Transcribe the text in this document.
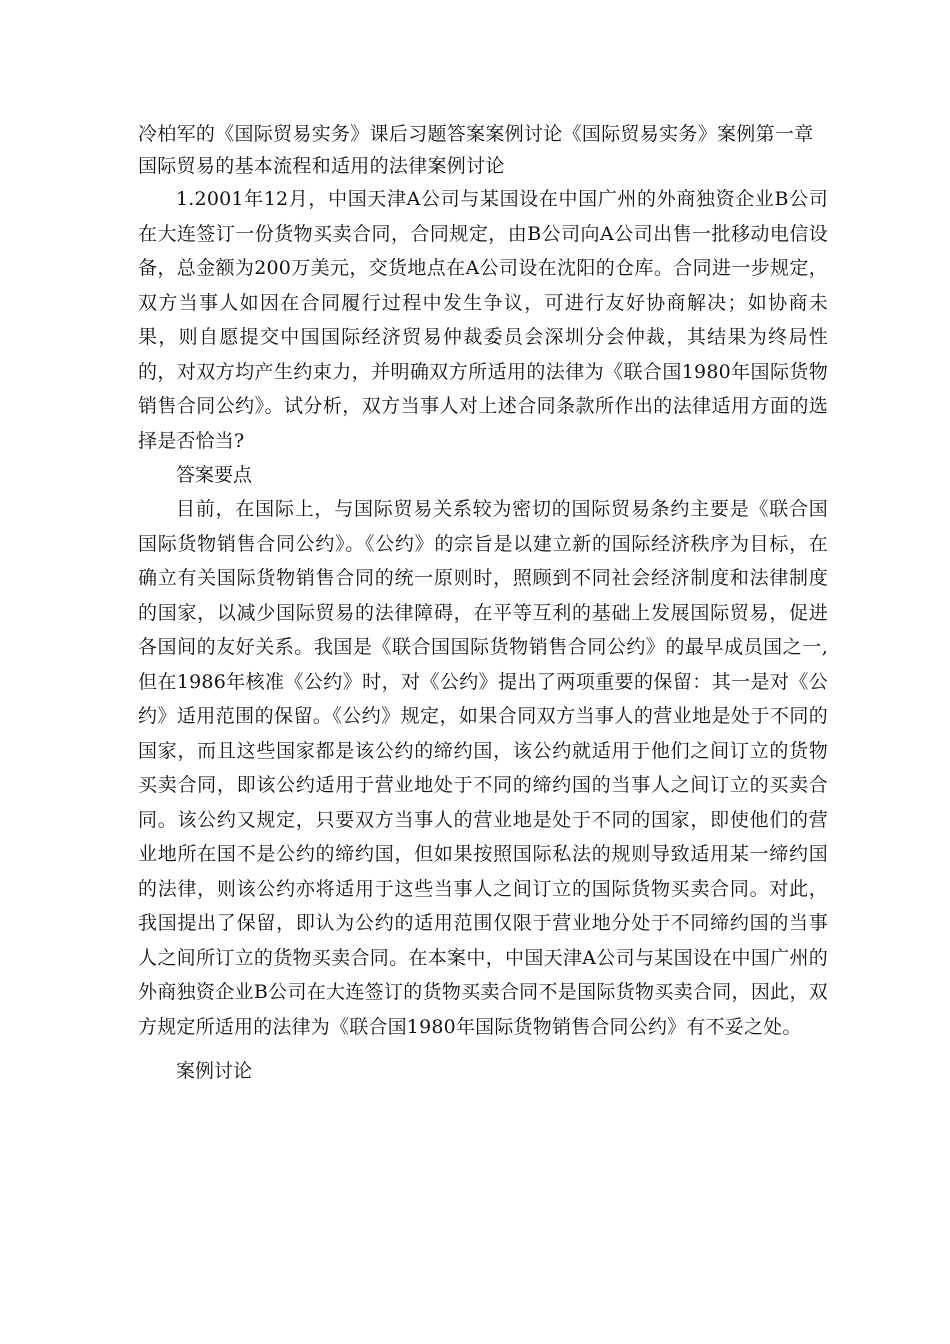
冷柏军的《国际贸易实务》课后习题答案案例讨论《国际贸易实务》案例第一章 国际贸易的基本流程和适用的法律案例讨论

1.2001年12月，中国天津A公司与某国设在中国广州的外商独资企业B公司在大连签订一份货物买卖合同，合同规定，由B公司向A公司出售一批移动电信设备，总金额为200万美元，交货地点在A公司设在沈阳的仓库。合同进一步规定，双方当事人如因在合同履行过程中发生争议，可进行友好协商解决；如协商未果，则自愿提交中国国际经济贸易仲裁委员会深圳分会仲裁，其结果为终局性的，对双方均产生约束力，并明确双方所适用的法律为《联合国1980年国际货物销售合同公约》。试分析，双方当事人对上述合同条款所作出的法律适用方面的选择是否恰当?

答案要点

目前，在国际上，与国际贸易关系较为密切的国际贸易条约主要是《联合国国际货物销售合同公约》。《公约》的宗旨是以建立新的国际经济秩序为目标，在确立有关国际货物销售合同的统一原则时，照顾到不同社会经济制度和法律制度的国家，以减少国际贸易的法律障碍，在平等互利的基础上发展国际贸易，促进各国间的友好关系。我国是《联合国国际货物销售合同公约》的最早成员国之一,但在1986年核准《公约》时，对《公约》提出了两项重要的保留：其一是对《公约》适用范围的保留。《公约》规定，如果合同双方当事人的营业地是处于不同的国家，而且这些国家都是该公约的缔约国，该公约就适用于他们之间订立的货物买卖合同，即该公约适用于营业地处于不同的缔约国的当事人之间订立的买卖合同。该公约又规定，只要双方当事人的营业地是处于不同的国家，即使他们的营业地所在国不是公约的缔约国，但如果按照国际私法的规则导致适用某一缔约国的法律，则该公约亦将适用于这些当事人之间订立的国际货物买卖合同。对此，我国提出了保留，即认为公约的适用范围仅限于营业地分处于不同缔约国的当事人之间所订立的货物买卖合同。在本案中，中国天津A公司与某国设在中国广州的外商独资企业B公司在大连签订的货物买卖合同不是国际货物买卖合同，因此，双方规定所适用的法律为《联合国1980年国际货物销售合同公约》有不妥之处。

案例讨论
